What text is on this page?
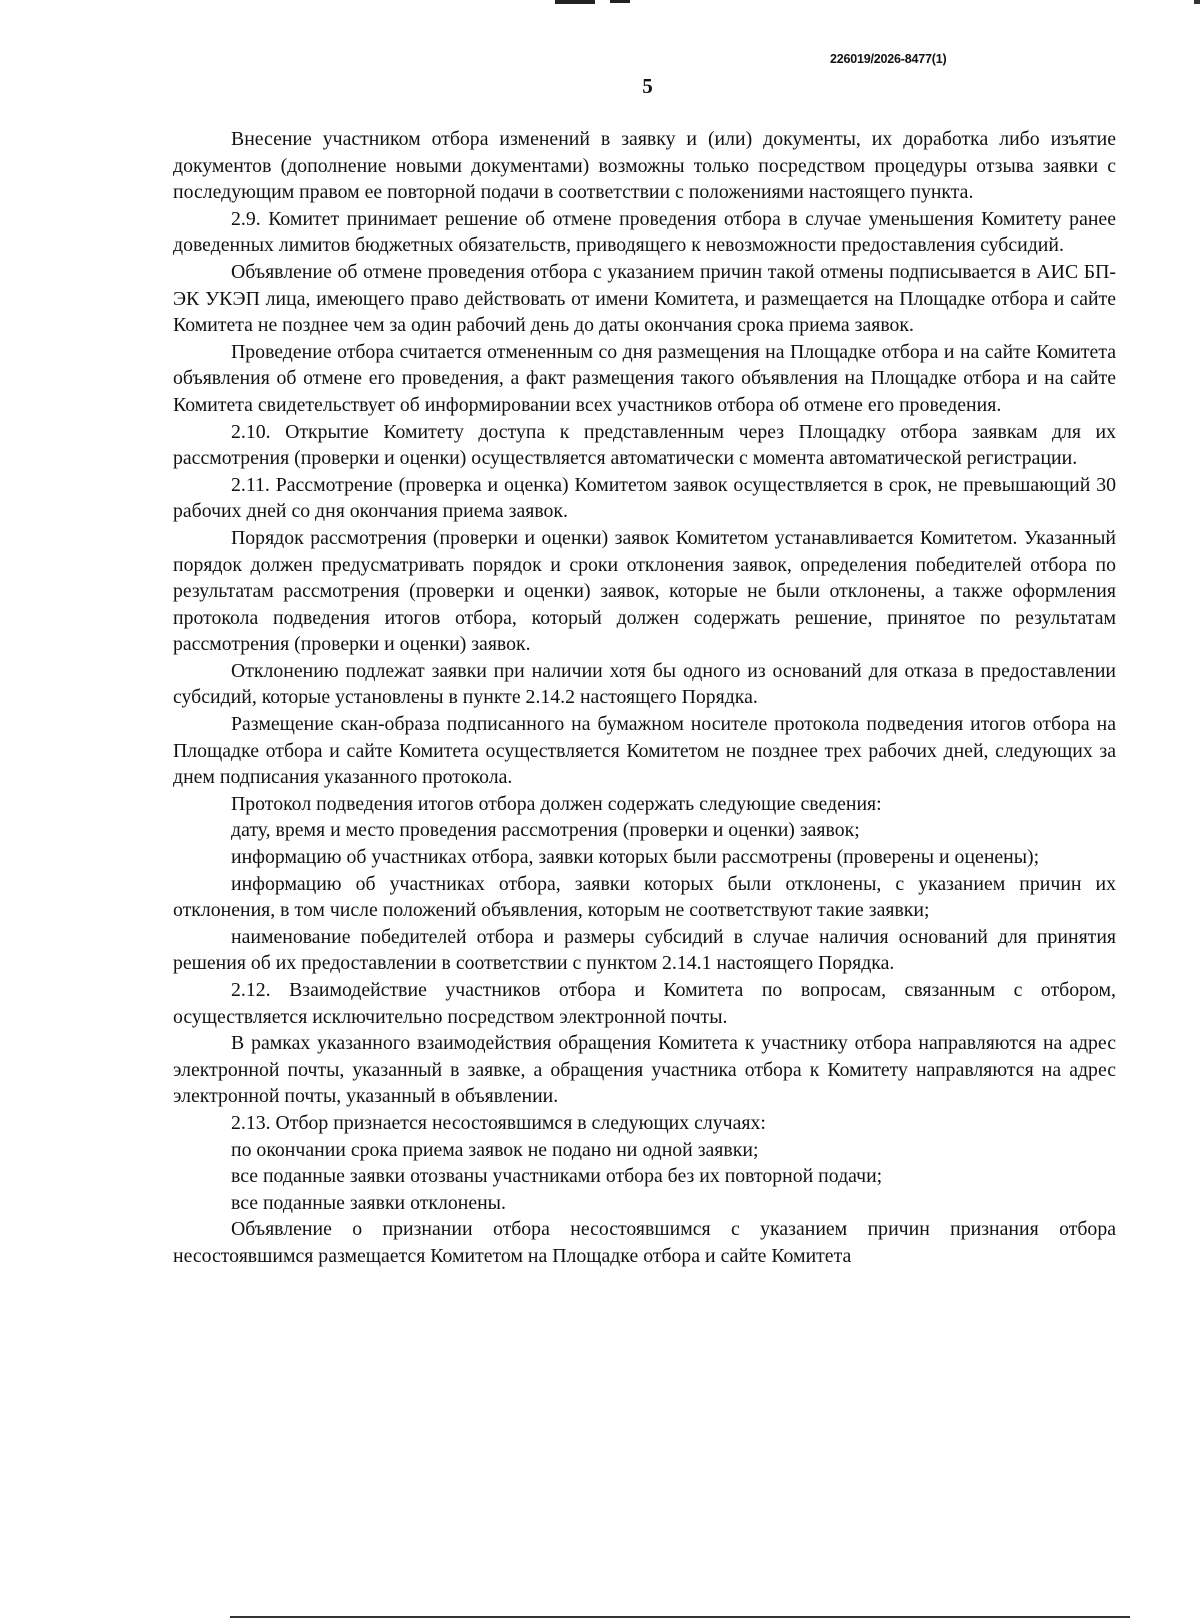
226019/2026-8477(1)
5

Внесение участником отбора изменений в заявку и (или) документы, их доработка либо изъятие документов (дополнение новыми документами) возможны только посредством процедуры отзыва заявки с последующим правом ее повторной подачи в соответствии с положениями настоящего пункта.

2.9. Комитет принимает решение об отмене проведения отбора в случае уменьшения Комитету ранее доведенных лимитов бюджетных обязательств, приводящего к невозможности предоставления субсидий.

Объявление об отмене проведения отбора с указанием причин такой отмены подписывается в АИС БП-ЭК УКЭП лица, имеющего право действовать от имени Комитета, и размещается на Площадке отбора и сайте Комитета не позднее чем за один рабочий день до даты окончания срока приема заявок.

Проведение отбора считается отмененным со дня размещения на Площадке отбора и на сайте Комитета объявления об отмене его проведения, а факт размещения такого объявления на Площадке отбора и на сайте Комитета свидетельствует об информировании всех участников отбора об отмене его проведения.

2.10. Открытие Комитету доступа к представленным через Площадку отбора заявкам для их рассмотрения (проверки и оценки) осуществляется автоматически с момента автоматической регистрации.

2.11. Рассмотрение (проверка и оценка) Комитетом заявок осуществляется в срок, не превышающий 30 рабочих дней со дня окончания приема заявок.

Порядок рассмотрения (проверки и оценки) заявок Комитетом устанавливается Комитетом. Указанный порядок должен предусматривать порядок и сроки отклонения заявок, определения победителей отбора по результатам рассмотрения (проверки и оценки) заявок, которые не были отклонены, а также оформления протокола подведения итогов отбора, который должен содержать решение, принятое по результатам рассмотрения (проверки и оценки) заявок.

Отклонению подлежат заявки при наличии хотя бы одного из оснований для отказа в предоставлении субсидий, которые установлены в пункте 2.14.2 настоящего Порядка.

Размещение скан-образа подписанного на бумажном носителе протокола подведения итогов отбора на Площадке отбора и сайте Комитета осуществляется Комитетом не позднее трех рабочих дней, следующих за днем подписания указанного протокола.

Протокол подведения итогов отбора должен содержать следующие сведения:

дату, время и место проведения рассмотрения (проверки и оценки) заявок;

информацию об участниках отбора, заявки которых были рассмотрены (проверены и оценены);

информацию об участниках отбора, заявки которых были отклонены, с указанием причин их отклонения, в том числе положений объявления, которым не соответствуют такие заявки;

наименование победителей отбора и размеры субсидий в случае наличия оснований для принятия решения об их предоставлении в соответствии с пунктом 2.14.1 настоящего Порядка.

2.12. Взаимодействие участников отбора и Комитета по вопросам, связанным с отбором, осуществляется исключительно посредством электронной почты.

В рамках указанного взаимодействия обращения Комитета к участнику отбора направляются на адрес электронной почты, указанный в заявке, а обращения участника отбора к Комитету направляются на адрес электронной почты, указанный в объявлении.

2.13. Отбор признается несостоявшимся в следующих случаях:

по окончании срока приема заявок не подано ни одной заявки;

все поданные заявки отозваны участниками отбора без их повторной подачи;

все поданные заявки отклонены.

Объявление о признании отбора несостоявшимся с указанием причин признания отбора несостоявшимся размещается Комитетом на Площадке отбора и сайте Комитета
